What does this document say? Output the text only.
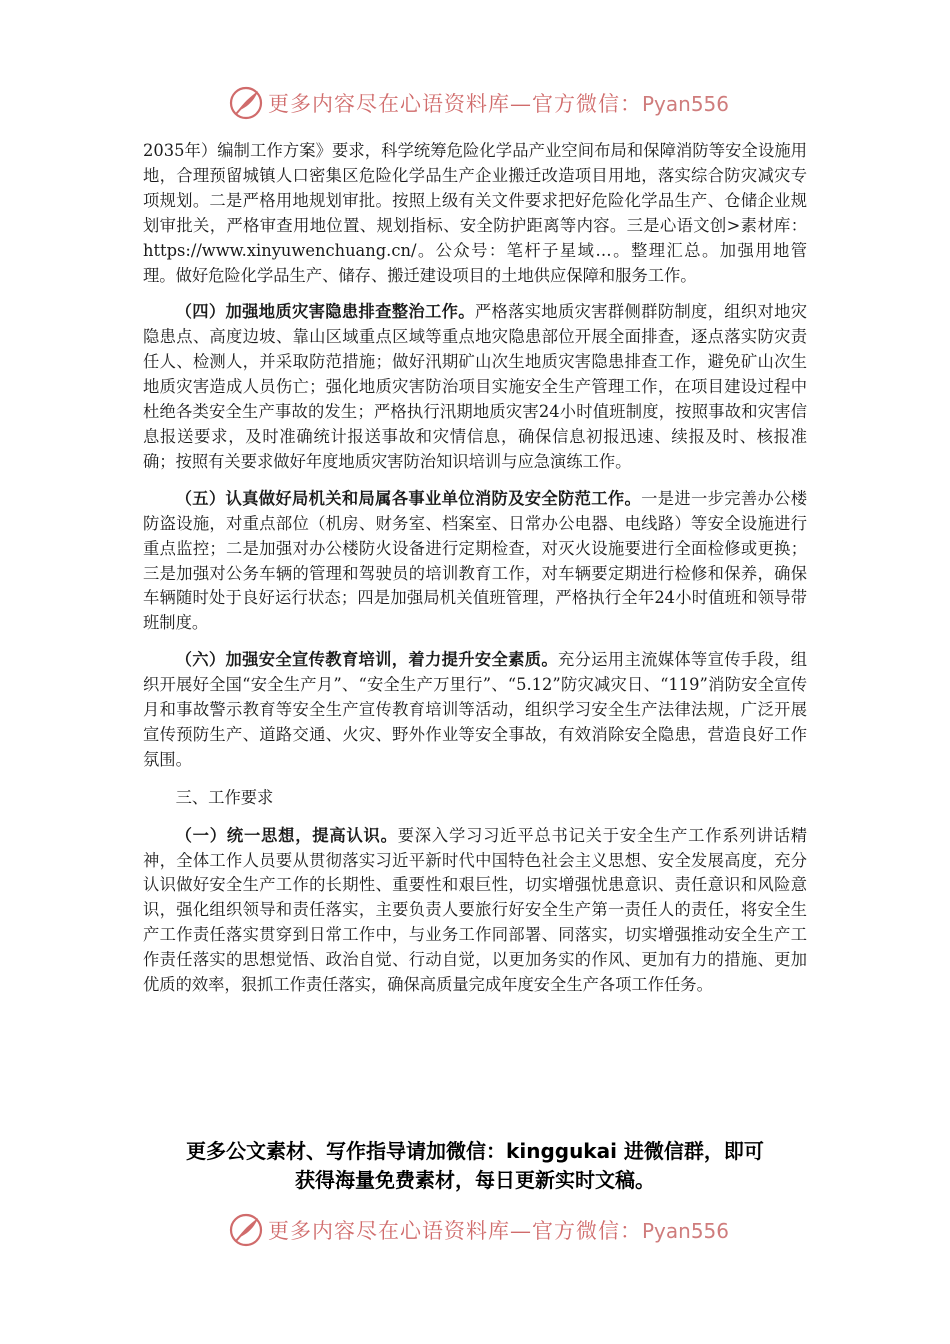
更多内容尽在心语资料库—官方微信：Pyan556

2035年）编制工作方案》要求，科学统筹危险化学品产业空间布局和保障消防等安全设施用地，合理预留城镇人口密集区危险化学品生产企业搬迁改造项目用地，落实综合防灾减灾专项规划。二是严格用地规划审批。按照上级有关文件要求把好危险化学品生产、仓储企业规划审批关，严格审查用地位置、规划指标、安全防护距离等内容。三是心语文创>素材库：https://www.xinyuwenchuang.cn/。公众号：笔杆子星域…。整理汇总。加强用地管理。做好危险化学品生产、储存、搬迁建设项目的土地供应保障和服务工作。

（四）加强地质灾害隐患排查整治工作。严格落实地质灾害群侧群防制度，组织对地灾隐患点、高度边坡、靠山区域重点区域等重点地灾隐患部位开展全面排查，逐点落实防灾责任人、检测人，并采取防范措施；做好汛期矿山次生地质灾害隐患排查工作，避免矿山次生地质灾害造成人员伤亡；强化地质灾害防治项目实施安全生产管理工作，在项目建设过程中杜绝各类安全生产事故的发生；严格执行汛期地质灾害24小时值班制度，按照事故和灾害信息报送要求，及时准确统计报送事故和灾情信息，确保信息初报迅速、续报及时、核报准确；按照有关要求做好年度地质灾害防治知识培训与应急演练工作。

（五）认真做好局机关和局属各事业单位消防及安全防范工作。一是进一步完善办公楼防盗设施，对重点部位（机房、财务室、档案室、日常办公电器、电线路）等安全设施进行重点监控；二是加强对办公楼防火设备进行定期检查，对灭火设施要进行全面检修或更换；三是加强对公务车辆的管理和驾驶员的培训教育工作，对车辆要定期进行检修和保养，确保车辆随时处于良好运行状态；四是加强局机关值班管理，严格执行全年24小时值班和领导带班制度。

（六）加强安全宣传教育培训，着力提升安全素质。充分运用主流媒体等宣传手段，组织开展好全国“安全生产月”、“安全生产万里行”、“5.12”防灾减灾日、“119”消防安全宣传月和事故警示教育等安全生产宣传教育培训等活动，组织学习安全生产法律法规，广泛开展宣传预防生产、道路交通、火灾、野外作业等安全事故，有效消除安全隐患，营造良好工作氛围。

三、工作要求

（一）统一思想，提高认识。要深入学习习近平总书记关于安全生产工作系列讲话精神，全体工作人员要从贯彻落实习近平新时代中国特色社会主义思想、安全发展高度，充分认识做好安全生产工作的长期性、重要性和艰巨性，切实增强忧患意识、责任意识和风险意识，强化组织领导和责任落实，主要负责人要旅行好安全生产第一责任人的责任，将安全生产工作责任落实贯穿到日常工作中，与业务工作同部署、同落实，切实增强推动安全生产工作责任落实的思想觉悟、政治自觉、行动自觉，以更加务实的作风、更加有力的措施、更加优质的效率，狠抓工作责任落实，确保高质量完成年度安全生产各项工作任务。

更多公文素材、写作指导请加微信：kinggukai 进微信群，即可

获得海量免费素材，每日更新实时文稿。

更多内容尽在心语资料库—官方微信：Pyan556
